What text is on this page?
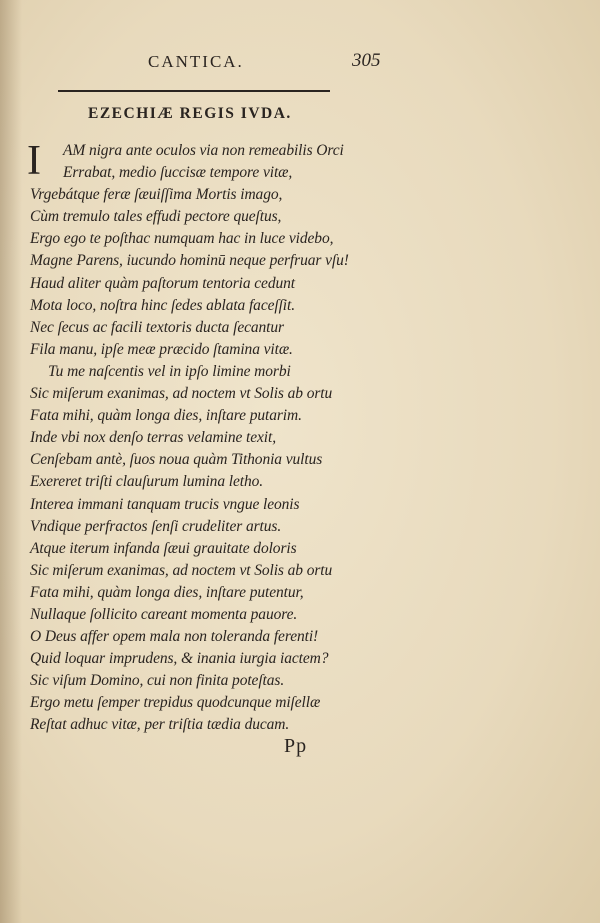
CANTICA.	305

EZECHIÆ REGIS IVDA.
I AM nigra ante oculos via non remeabilis Orci
Errabat, medio ſuccisæ tempore vitæ,
Vrgebátque feræ ſæuiſſima Mortis imago,
Cùm tremulo tales effudi pectore queſtus,
Ergo ego te poſthac numquam hac in luce videbo,
Magne Parens, iucundo hominū neque perfruar vſu!
Haud aliter quàm paſtorum tentoria cedunt
Mota loco, noſtra hinc ſedes ablata faceſſit.
Nec ſecus ac facili textoris ducta ſecantur
Fila manu, ipſe meæ præcido ſtamina vitæ.
Tu me naſcentis vel in ipſo limine morbi
Sic miſerum exanimas, ad noctem vt Solis ab ortu
Fata mihi, quàm longa dies, inſtare putarim.
Inde vbi nox denſo terras velamine texit,
Cenſebam antè, ſuos noua quàm Tithonia vultus
Exereret triſti clauſurum lumina letho.
Interea immani tanquam trucis vngue leonis
Vndique perfractos ſenſi crudeliter artus.
Atque iterum infanda ſæui grauitate doloris
Sic miſerum exanimas, ad noctem vt Solis ab ortu
Fata mihi, quàm longa dies, inſtare putentur,
Nullaque ſollicito careant momenta pauore.
O Deus affer opem mala non toleranda ferenti!
Quid loquar imprudens, & inania iurgia iactem?
Sic viſum Domino, cui non finita poteſtas.
Ergo metu ſemper trepidus quodcunque miſellæ
Reſtat adhuc vitæ, per triſtia tædia ducam.

Pp
